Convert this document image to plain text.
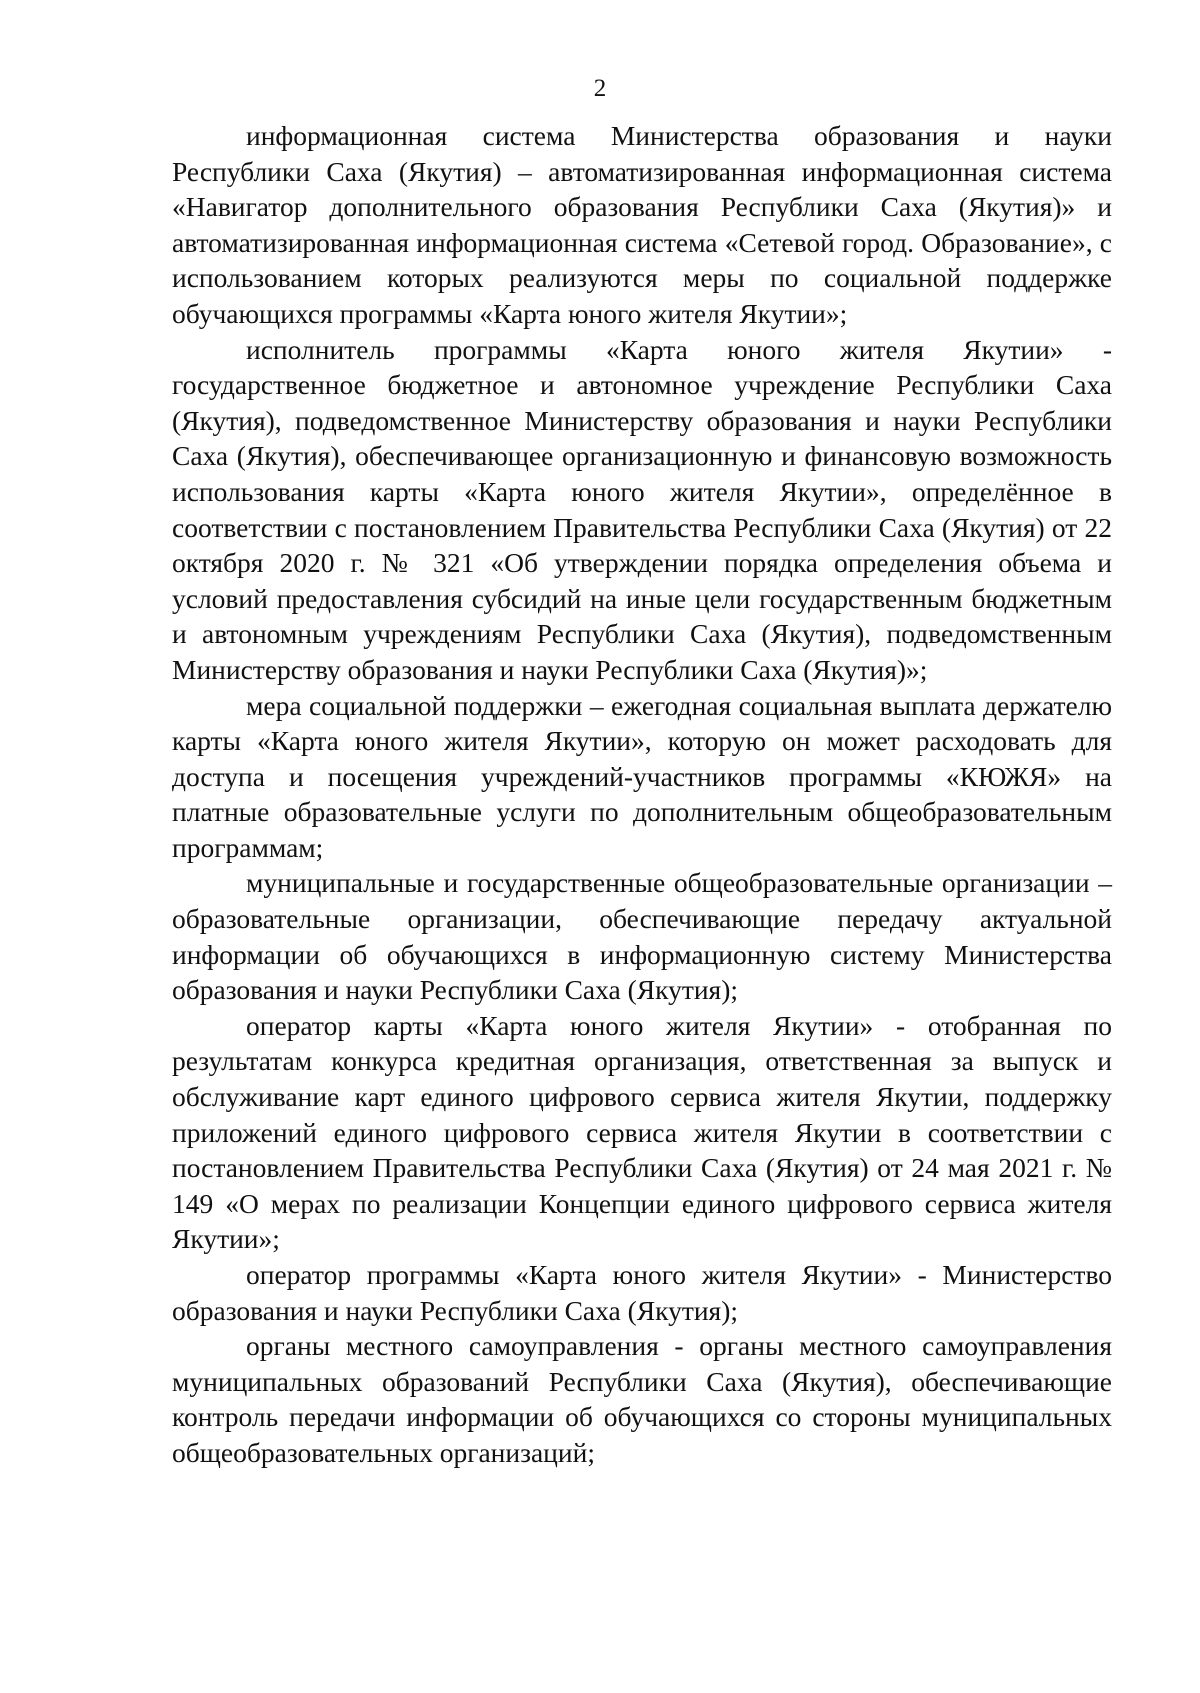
2

информационная система Министерства образования и науки Республики Саха (Якутия) – автоматизированная информационная система «Навигатор дополнительного образования Республики Саха (Якутия)» и автоматизированная информационная система «Сетевой город. Образование», с использованием которых реализуются меры по социальной поддержке обучающихся программы «Карта юного жителя Якутии»;

исполнитель программы «Карта юного жителя Якутии» - государственное бюджетное и автономное учреждение Республики Саха (Якутия), подведомственное Министерству образования и науки Республики Саха (Якутия), обеспечивающее организационную и финансовую возможность использования карты «Карта юного жителя Якутии», определённое в соответствии с постановлением Правительства Республики Саха (Якутия) от 22 октября 2020 г. № 321 «Об утверждении порядка определения объема и условий предоставления субсидий на иные цели государственным бюджетным и автономным учреждениям Республики Саха (Якутия), подведомственным Министерству образования и науки Республики Саха (Якутия)»;

мера социальной поддержки – ежегодная социальная выплата держателю карты «Карта юного жителя Якутии», которую он может расходовать для доступа и посещения учреждений-участников программы «КЮЖЯ» на платные образовательные услуги по дополнительным общеобразовательным программам;

муниципальные и государственные общеобразовательные организации – образовательные организации, обеспечивающие передачу актуальной информации об обучающихся в информационную систему Министерства образования и науки Республики Саха (Якутия);

оператор карты «Карта юного жителя Якутии» - отобранная по результатам конкурса кредитная организация, ответственная за выпуск и обслуживание карт единого цифрового сервиса жителя Якутии, поддержку приложений единого цифрового сервиса жителя Якутии в соответствии с постановлением Правительства Республики Саха (Якутия) от 24 мая 2021 г. № 149 «О мерах по реализации Концепции единого цифрового сервиса жителя Якутии»;

оператор программы «Карта юного жителя Якутии» - Министерство образования и науки Республики Саха (Якутия);

органы местного самоуправления - органы местного самоуправления муниципальных образований Республики Саха (Якутия), обеспечивающие контроль передачи информации об обучающихся со стороны муниципальных общеобразовательных организаций;
